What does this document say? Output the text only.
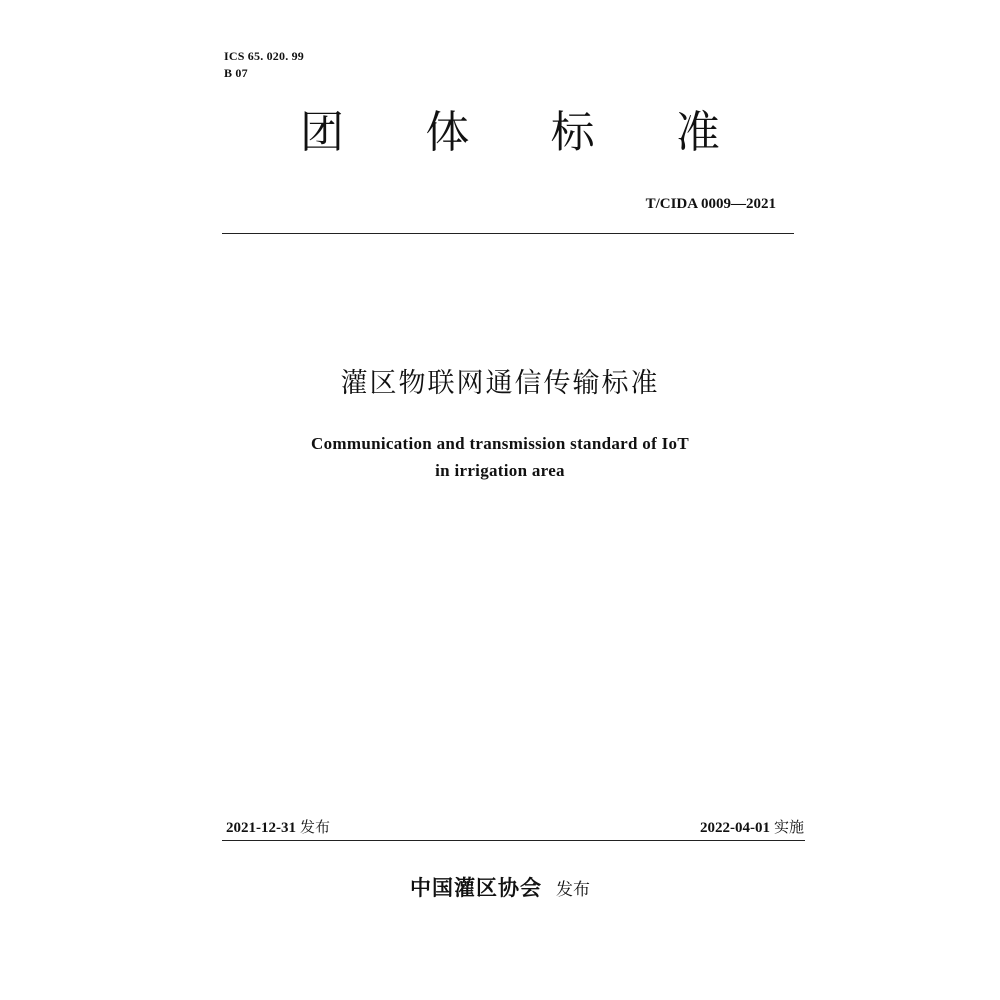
ICS 65. 020. 99
B 07
团 体 标 准
T/CIDA 0009—2021
灌区物联网通信传输标准
Communication and transmission standard of IoT
in irrigation area
2021-12-31 发布	2022-04-01 实施
中国灌区协会 发布
